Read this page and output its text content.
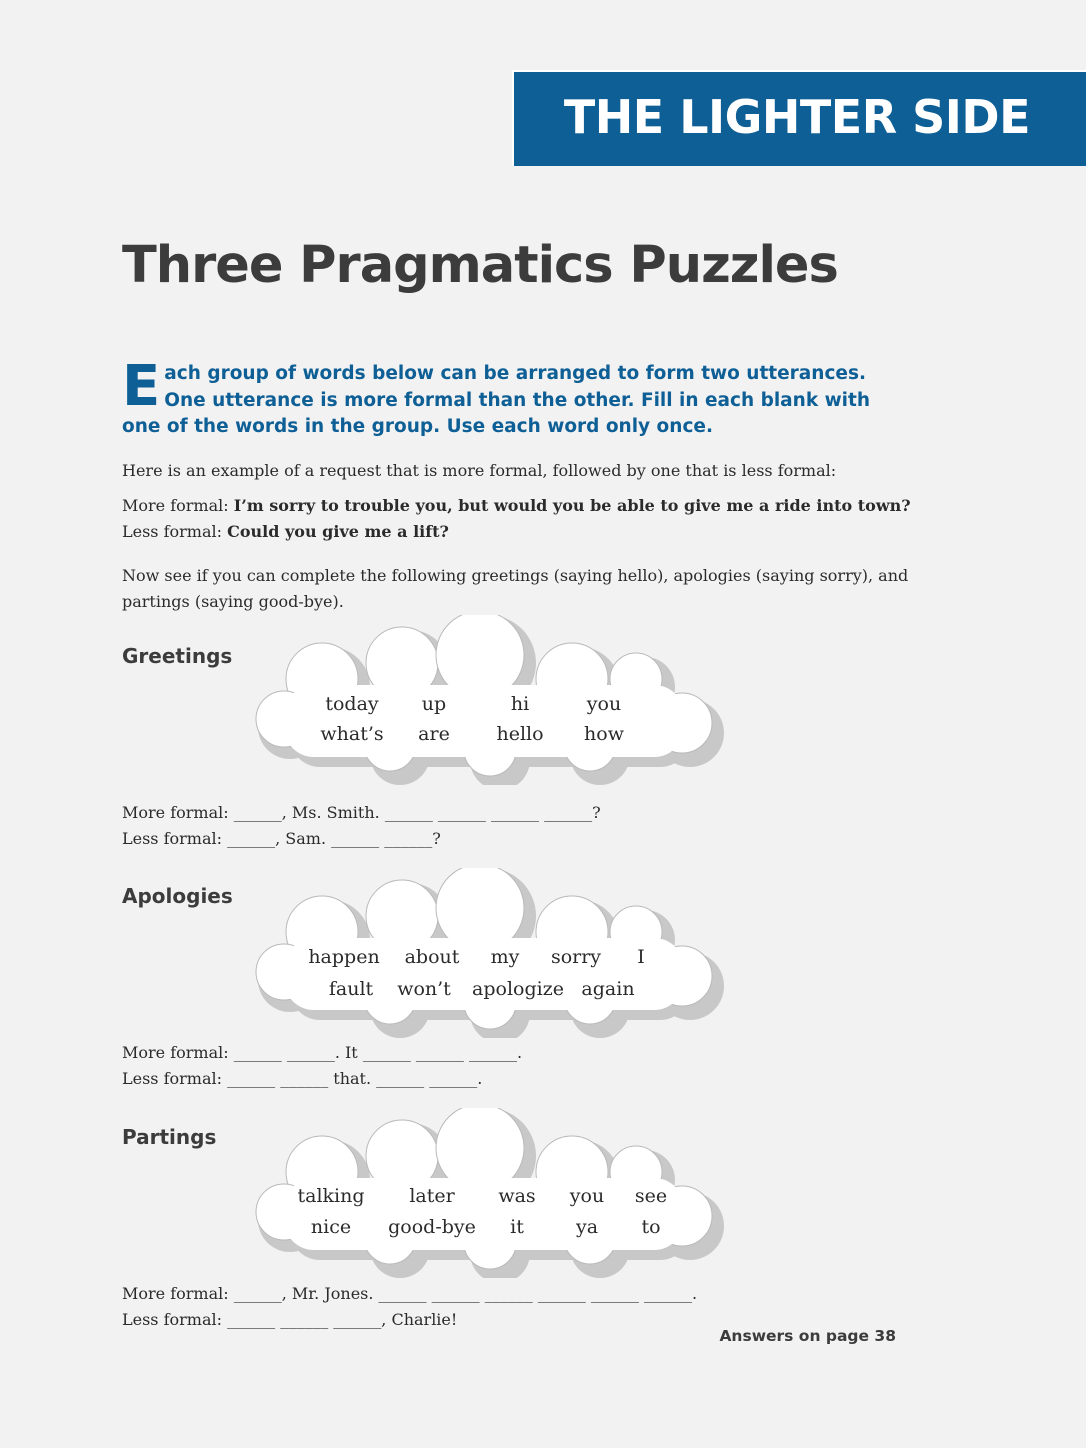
THE LIGHTER SIDE
Three Pragmatics Puzzles
Each group of words below can be arranged to form two utterances. One utterance is more formal than the other. Fill in each blank with one of the words in the group. Use each word only once.
Here is an example of a request that is more formal, followed by one that is less formal:
More formal: I’m sorry to trouble you, but would you be able to give me a ride into town?
Less formal: Could you give me a lift?
Now see if you can complete the following greetings (saying hello), apologies (saying sorry), and partings (saying good-bye).
Greetings
today up	hi	you
what’s are hello how
More formal: ______, Ms. Smith. ______ ______ ______ ______?
Less formal: ______, Sam. ______ ______?
Apologies
happen about my sorry I
fault won’t apologize again
More formal: ______ ______. It ______ ______ ______.
Less formal: ______ ______ that. ______ ______.
Partings
talking later was you see
nice good-bye it	ya to
More formal: ______, Mr. Jones. ______ ______ ______ ______ ______ ______.
Less formal: ______ ______ ______, Charlie!
Answers on page 38
